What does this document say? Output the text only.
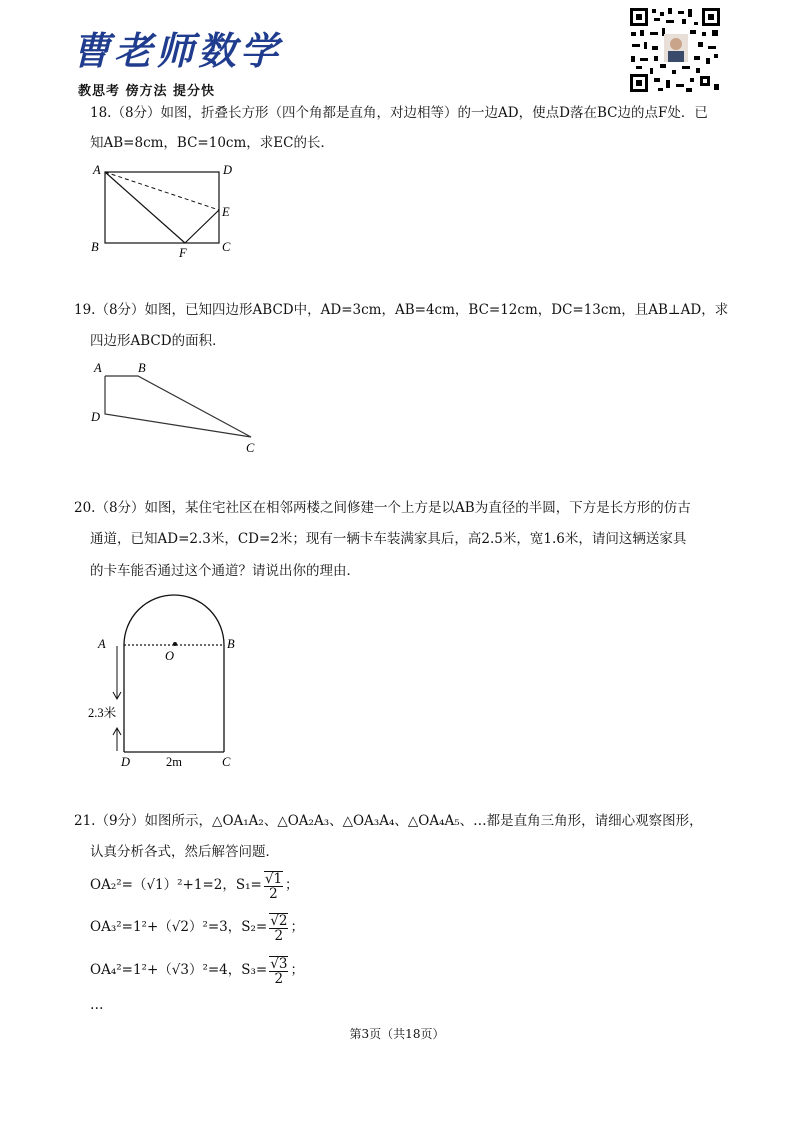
曹老师数学
教思考 傍方法 提分快
18.（8分）如图，折叠长方形（四个角都是直角，对边相等）的一边AD，使点D落在BC边的点F处．已
知AB=8cm，BC=10cm，求EC的长．
A	D
E
B	F	C
19.（8分）如图，已知四边形ABCD中，AD=3cm，AB=4cm，BC=12cm，DC=13cm，且AB⊥AD，求
四边形ABCD的面积．
A	B
D
C
20.（8分）如图，某住宅社区在相邻两楼之间修建一个上方是以AB为直径的半圆，下方是长方形的仿古
通道，已知AD=2.3米，CD=2米；现有一辆卡车装满家具后，高2.5米，宽1.6米，请问这辆送家具
的卡车能否通过这个通道？请说出你的理由．
A	B
O
2.3米
D	2m	C
21.（9分）如图所示，△OA₁A₂、△OA₂A₃、△OA₃A₄、△OA₄A₅、…都是直角三角形，请细心观察图形，
认真分析各式，然后解答问题．
OA₂²=（√1）²+1=2，$S_1= \frac{√1}{2}$ ；
OA₃²=1²+（√2）²=3，$S_2= \frac{√2}{2}$ ；
OA₄²=1²+（√3）²=4，$S_3= \frac{√3}{2}$ ；
…
第3页（共18页）
